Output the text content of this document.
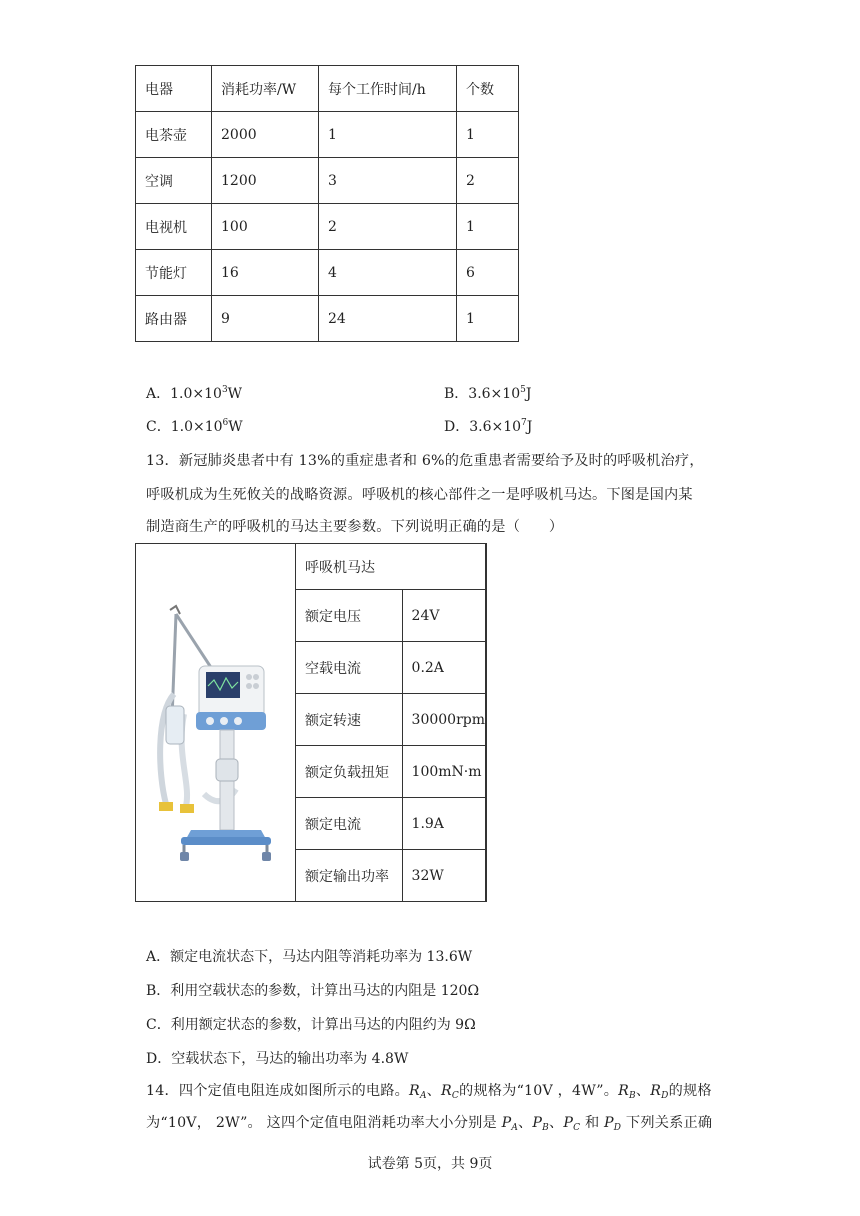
电器	消耗功率/W	每个工作时间/h	个数
电茶壶	2000	1	1
空调	1200	3	2
电视机	100	2	1
节能灯	16	4	6
路由器	9	24	1
A．$1.0\times 10^3W$	B．$3.6\times 10^5J$
C．$1.0\times 10^6W$	D．$3.6\times 10^7J$
13．新冠肺炎患者中有 13%的重症患者和 6%的危重患者需要给予及时的呼吸机治疗，
呼吸机成为生死攸关的战略资源。呼吸机的核心部件之一是呼吸机马达。下图是国内某
制造商生产的呼吸机的马达主要参数。下列说明正确的是（　　）
呼吸机马达	
额定电压	24V
空载电流	0.2A
额定转速	30000rpm
额定负载扭矩	100mN·m
额定电流	1.9A
额定输出功率	32W
A．额定电流状态下，马达内阻等消耗功率为 13.6W
B．利用空载状态的参数，计算出马达的内阻是 120Ω
C．利用额定状态的参数，计算出马达的内阻约为 9Ω
D．空载状态下，马达的输出功率为 4.8W
14．四个定值电阻连成如图所示的电路。$R_A$、$R_C$的规格为“10V ，4W”。$R_B$、$R_D$的规格
为“10V， 2W”。 这四个定值电阻消耗功率大小分别是 $P_A$、$P_B$、$P_C$ 和 $P_D$ 下列关系正确
试卷第 5页，共 9页
